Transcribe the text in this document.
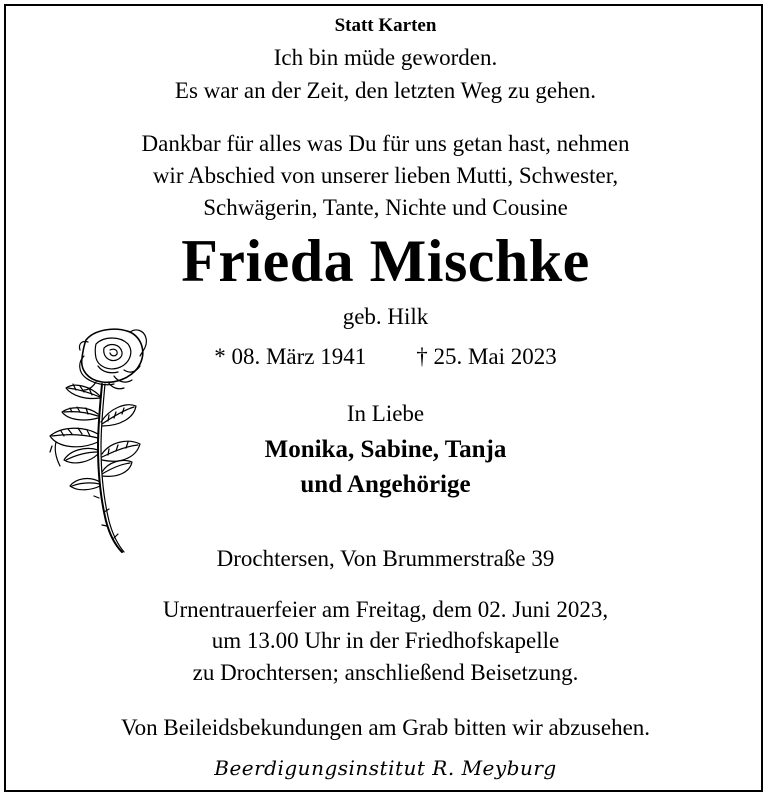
Statt Karten
Ich bin müde geworden.
Es war an der Zeit, den letzten Weg zu gehen.
Dankbar für alles was Du für uns getan hast, nehmen
wir Abschied von unserer lieben Mutti, Schwester,
Schwägerin, Tante, Nichte und Cousine
Frieda Mischke
geb. Hilk
* 08. März 1941 † 25. Mai 2023
In Liebe
Monika, Sabine, Tanja
und Angehörige
Drochtersen, Von Brummerstraße 39
Urnentrauerfeier am Freitag, dem 02. Juni 2023,
um 13.00 Uhr in der Friedhofskapelle
zu Drochtersen; anschließend Beisetzung.
Von Beileidsbekundungen am Grab bitten wir abzusehen.
Beerdigungsinstitut R. Meyburg
